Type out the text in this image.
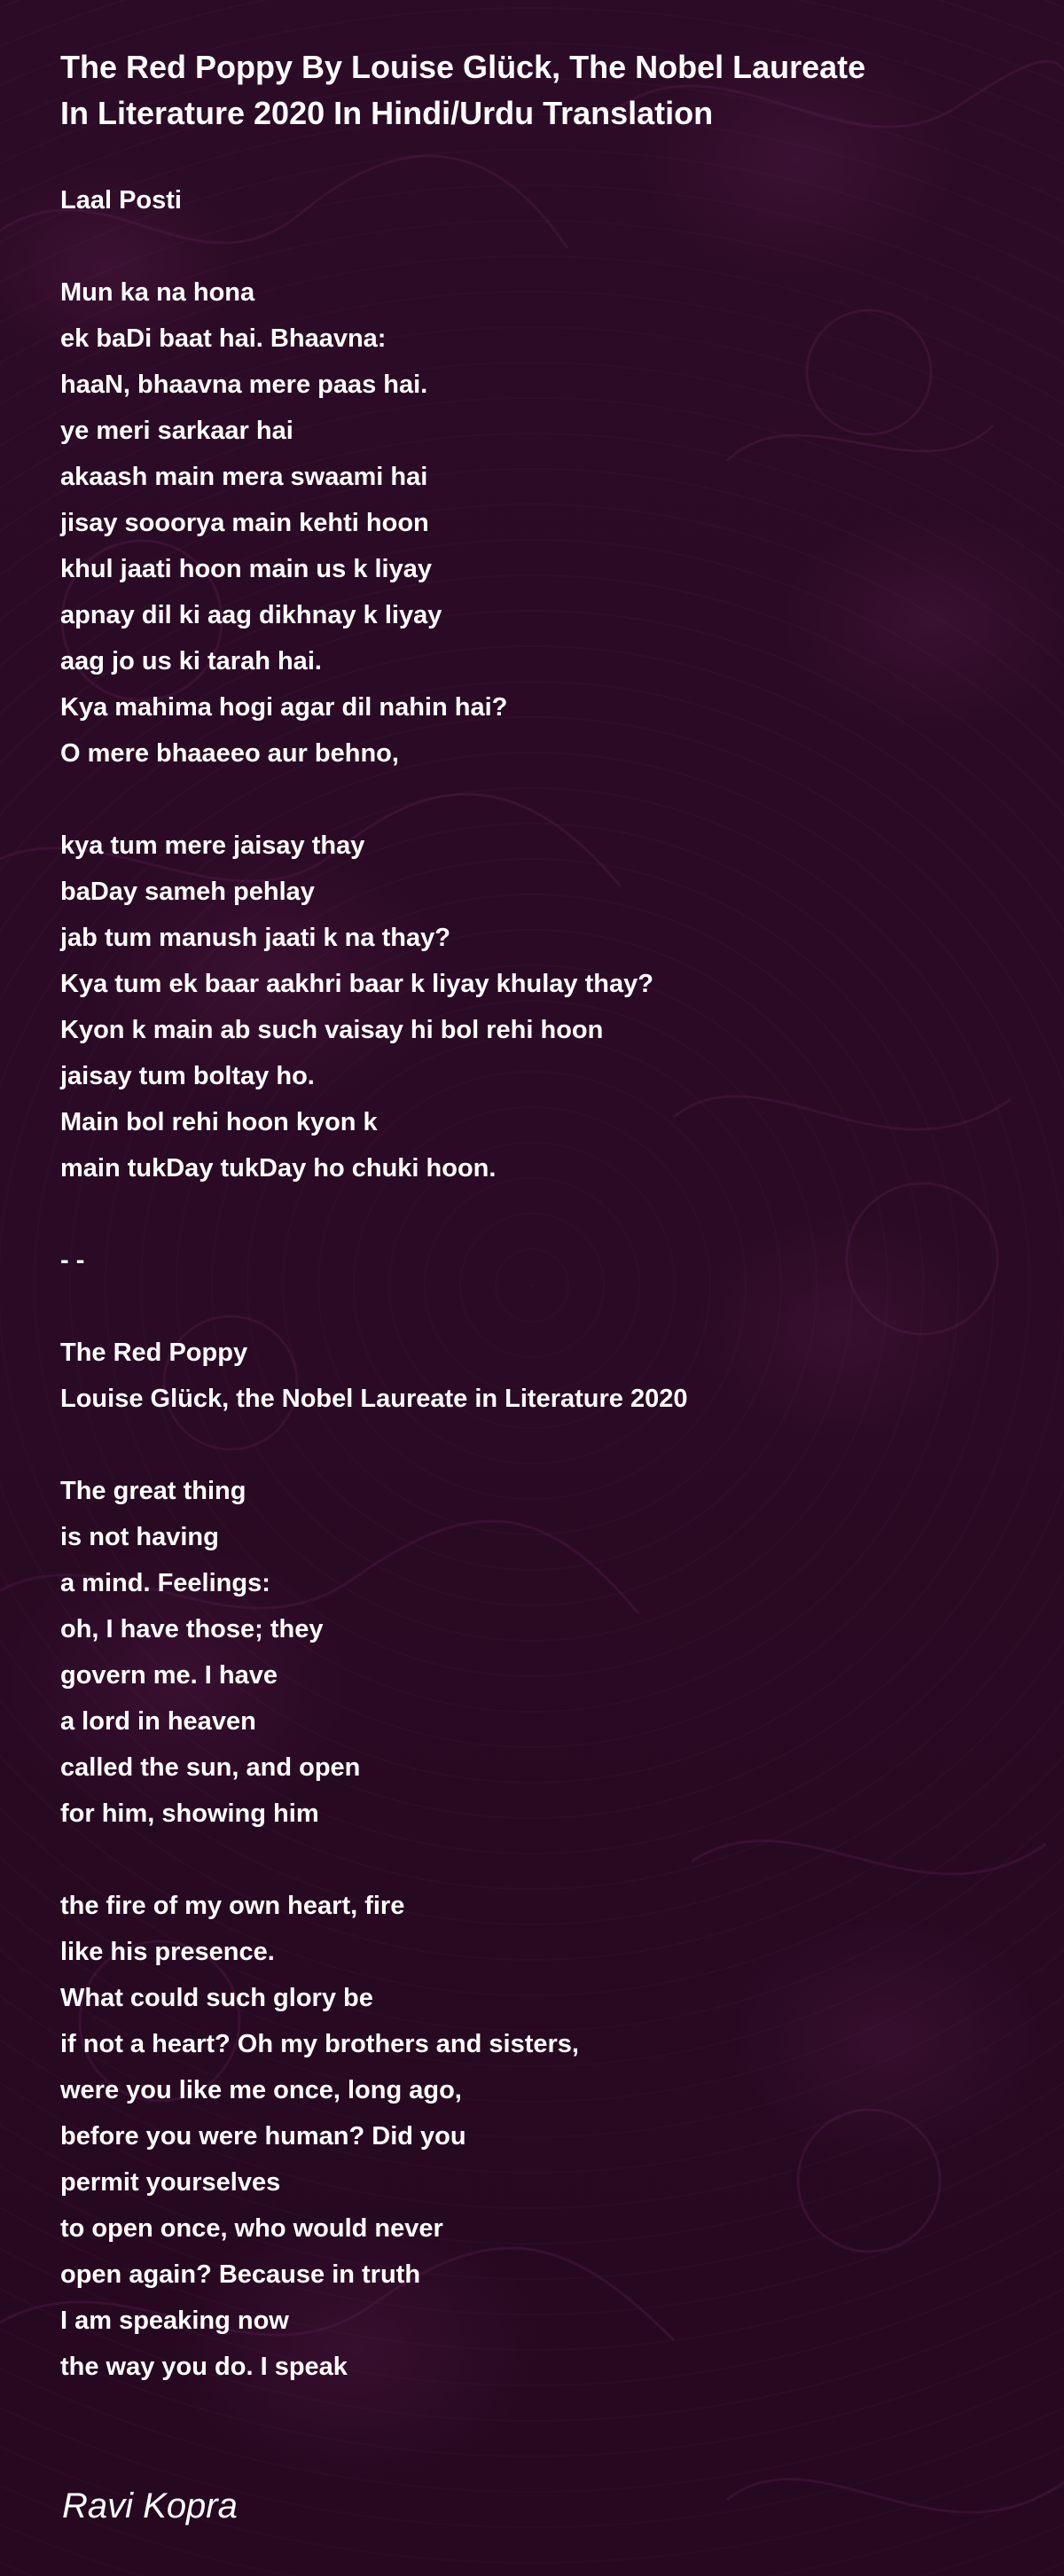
The Red Poppy By Louise Glück, The Nobel Laureate
In Literature 2020 In Hindi/Urdu Translation
Laal Posti
Mun ka na hona
ek baDi baat hai. Bhaavna:
haaN, bhaavna mere paas hai.
ye meri sarkaar hai
akaash main mera swaami hai
jisay sooorya main kehti hoon
khul jaati hoon main us k liyay
apnay dil ki aag dikhnay k liyay
aag jo us ki tarah hai.
Kya mahima hogi agar dil nahin hai?
O mere bhaaeeo aur behno,
kya tum mere jaisay thay
baDay sameh pehlay
jab tum manush jaati k na thay?
Kya tum ek baar aakhri baar k liyay khulay thay?
Kyon k main ab such vaisay hi bol rehi hoon
jaisay tum boltay ho.
Main bol rehi hoon kyon k
main tukDay tukDay ho chuki hoon.
- -
The Red Poppy
Louise Glück, the Nobel Laureate in Literature 2020
The great thing
is not having
a mind. Feelings:
oh, I have those; they
govern me. I have
a lord in heaven
called the sun, and open
for him, showing him
the fire of my own heart, fire
like his presence.
What could such glory be
if not a heart? Oh my brothers and sisters,
were you like me once, long ago,
before you were human? Did you
permit yourselves
to open once, who would never
open again? Because in truth
I am speaking now
the way you do. I speak
Ravi Kopra
